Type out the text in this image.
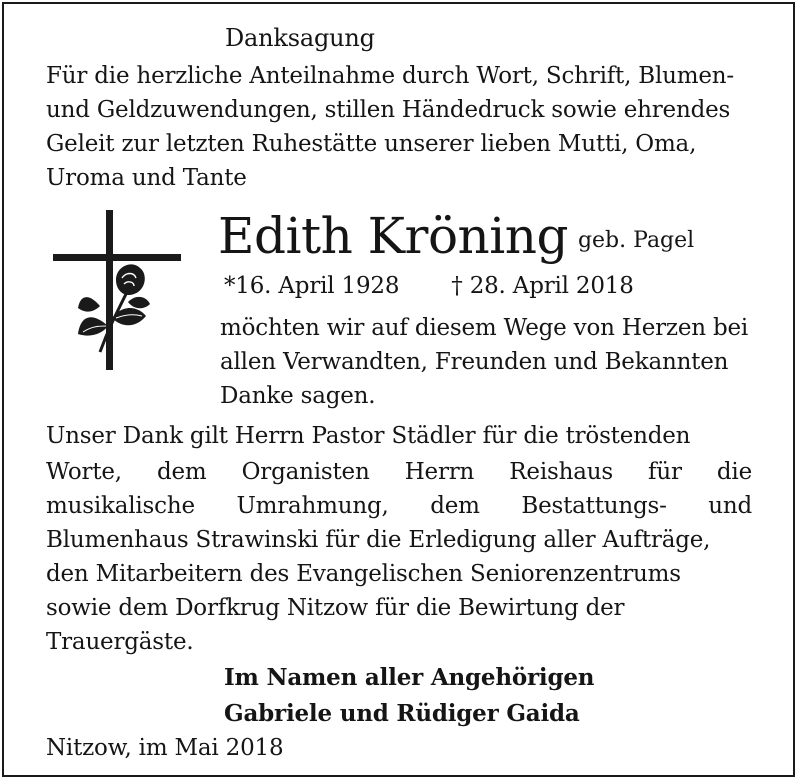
Danksagung
Für die herzliche Anteilnahme durch Wort, Schrift, Blumen-
und Geldzuwendungen, stillen Händedruck sowie ehrendes
Geleit zur letzten Ruhestätte unserer lieben Mutti, Oma,
Uroma und Tante
Edith Kröning geb. Pagel
*16. April 1928 † 28. April 2018
möchten wir auf diesem Wege von Herzen bei
allen Verwandten, Freunden und Bekannten
Danke sagen.
Unser Dank gilt Herrn Pastor Städler für die tröstenden
Worte, dem Organisten Herrn Reishaus für die
musikalische Umrahmung, dem Bestattungs- und
Blumenhaus Strawinski für die Erledigung aller Aufträge,
den Mitarbeitern des Evangelischen Seniorenzentrums
sowie dem Dorfkrug Nitzow für die Bewirtung der
Trauergäste.
Im Namen aller Angehörigen
Gabriele und Rüdiger Gaida
Nitzow, im Mai 2018
